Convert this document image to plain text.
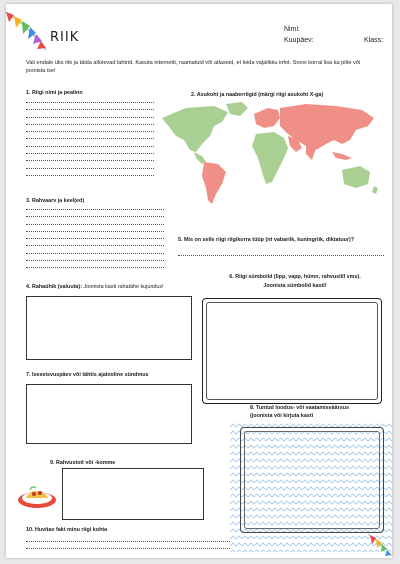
RIIK
Nimi:
Kuupäev:	Klass:
Vali endale üks riik ja täida allolevad lahtrid. Kasuta internetti, raamatuid või atlaseid, et leida vajalikku infot. Soovi korral lisa ka pilte või joonista ise!
1. Riigi nimi ja pealinn	2. Asukoht ja naaberriigid (märgi riigi asukoht X-ga)
3. Rahvaarv ja keel(ed)
5. Mis on selle riigi riigikorra tüüp (nt vabariik, kuningriik, diktatuur)?
4. Rahaühik (valuuta): Joonista kasti rahatähe kujundus!
6. Riigi sümbolid (lipp, vapp, hümn, rahvuslill vms).
Joonista sümbolid kasti!
7. Iseseisvuspäev või tähtis ajalooline sündmus
8. Tuntud loodus- või vaatamisväärsus
(joonista või kirjuta kasti
9. Rahvustoit või -komme
10. Huvitav fakt minu riigi kohta
